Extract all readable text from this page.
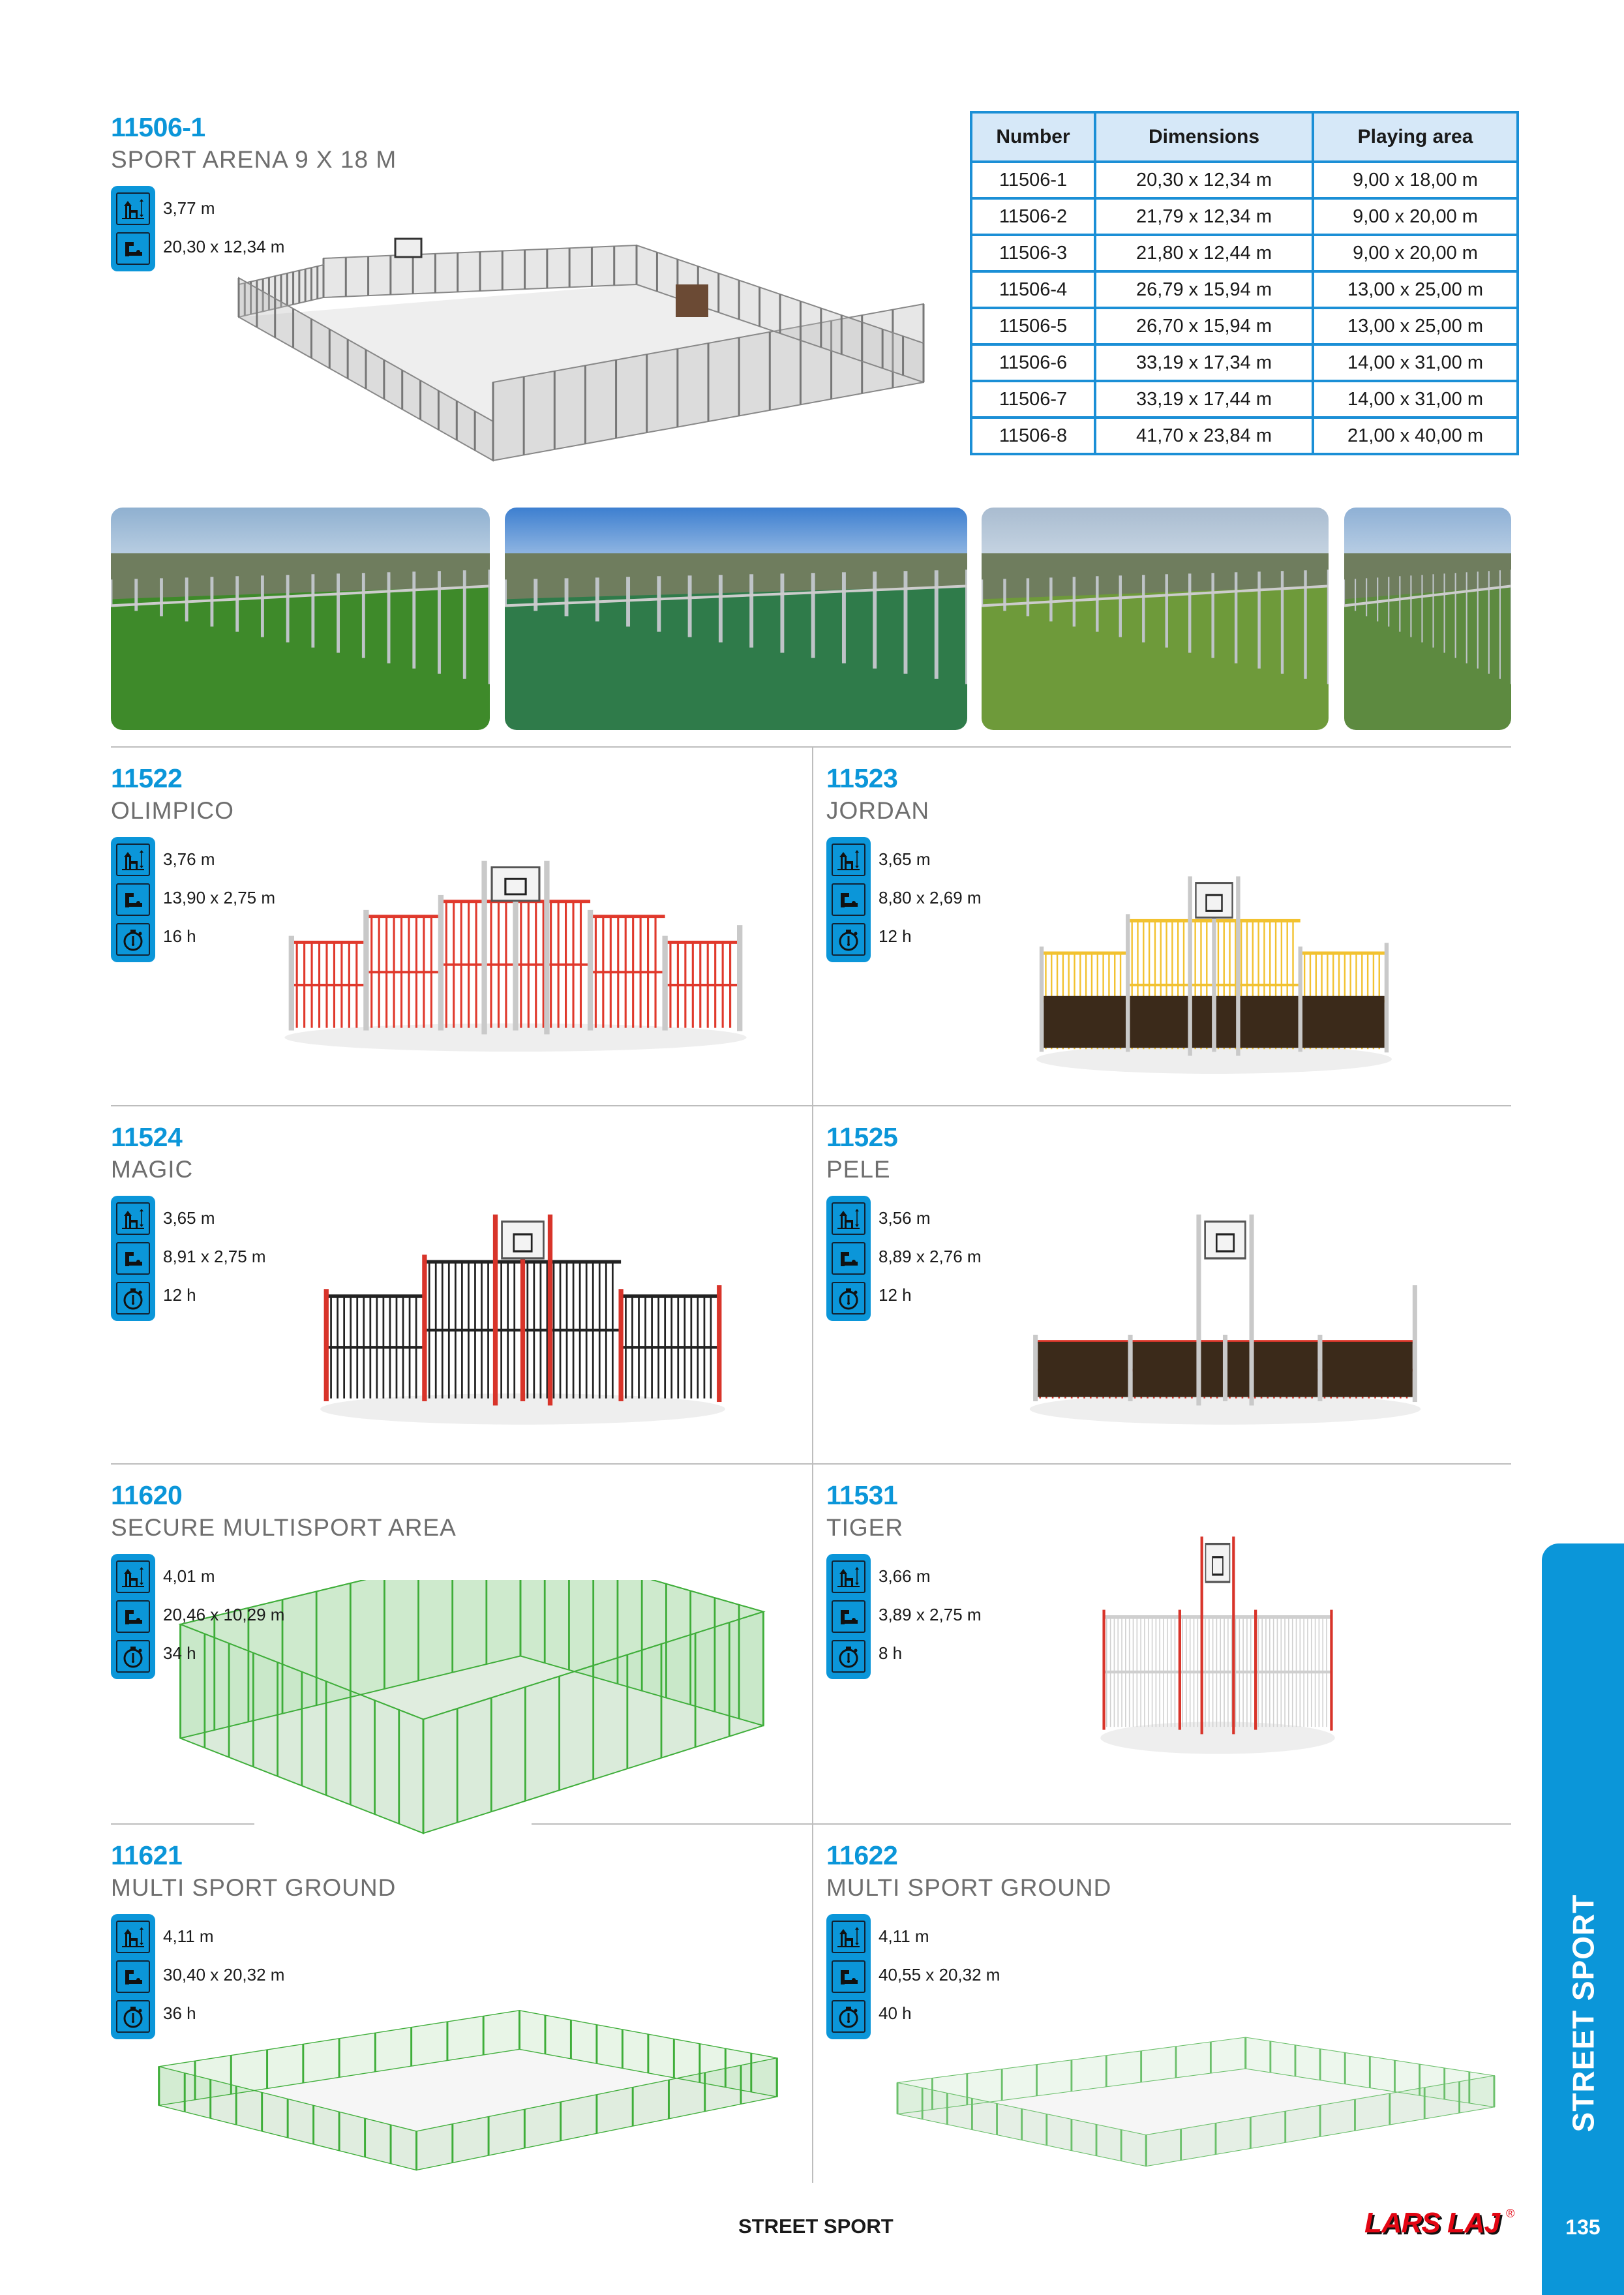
11506-1
SPORT ARENA 9 X 18 M
3,77 m
20,30 x 12,34 m
Number	Dimensions	Playing area
11506-1	20,30 x 12,34 m	9,00 x 18,00 m
11506-2	21,79 x 12,34 m	9,00 x 20,00 m
11506-3	21,80 x 12,44 m	9,00 x 20,00 m
11506-4	26,79 x 15,94 m	13,00 x 25,00 m
11506-5	26,70 x 15,94 m	13,00 x 25,00 m
11506-6	33,19 x 17,34 m	14,00 x 31,00 m
11506-7	33,19 x 17,44 m	14,00 x 31,00 m
11506-8	41,70 x 23,84 m	21,00 x 40,00 m
11522
OLIMPICO
3,76 m
13,90 x 2,75 m
16 h
11523
JORDAN
3,65 m
8,80 x 2,69 m
12 h
11524
MAGIC
3,65 m
8,91 x 2,75 m
12 h
11525
PELE
3,56 m
8,89 x 2,76 m
12 h
11620
SECURE MULTISPORT AREA
4,01 m
20,46 x 10,29 m
34 h
11531
TIGER
3,66 m
3,89 x 2,75 m
8 h
11621
MULTI SPORT GROUND
4,11 m
30,40 x 20,32 m
36 h
11622
MULTI SPORT GROUND
4,11 m
40,55 x 20,32 m
40 h	STREET SPORT
135
STREET SPORT	LARS LAJ ®
